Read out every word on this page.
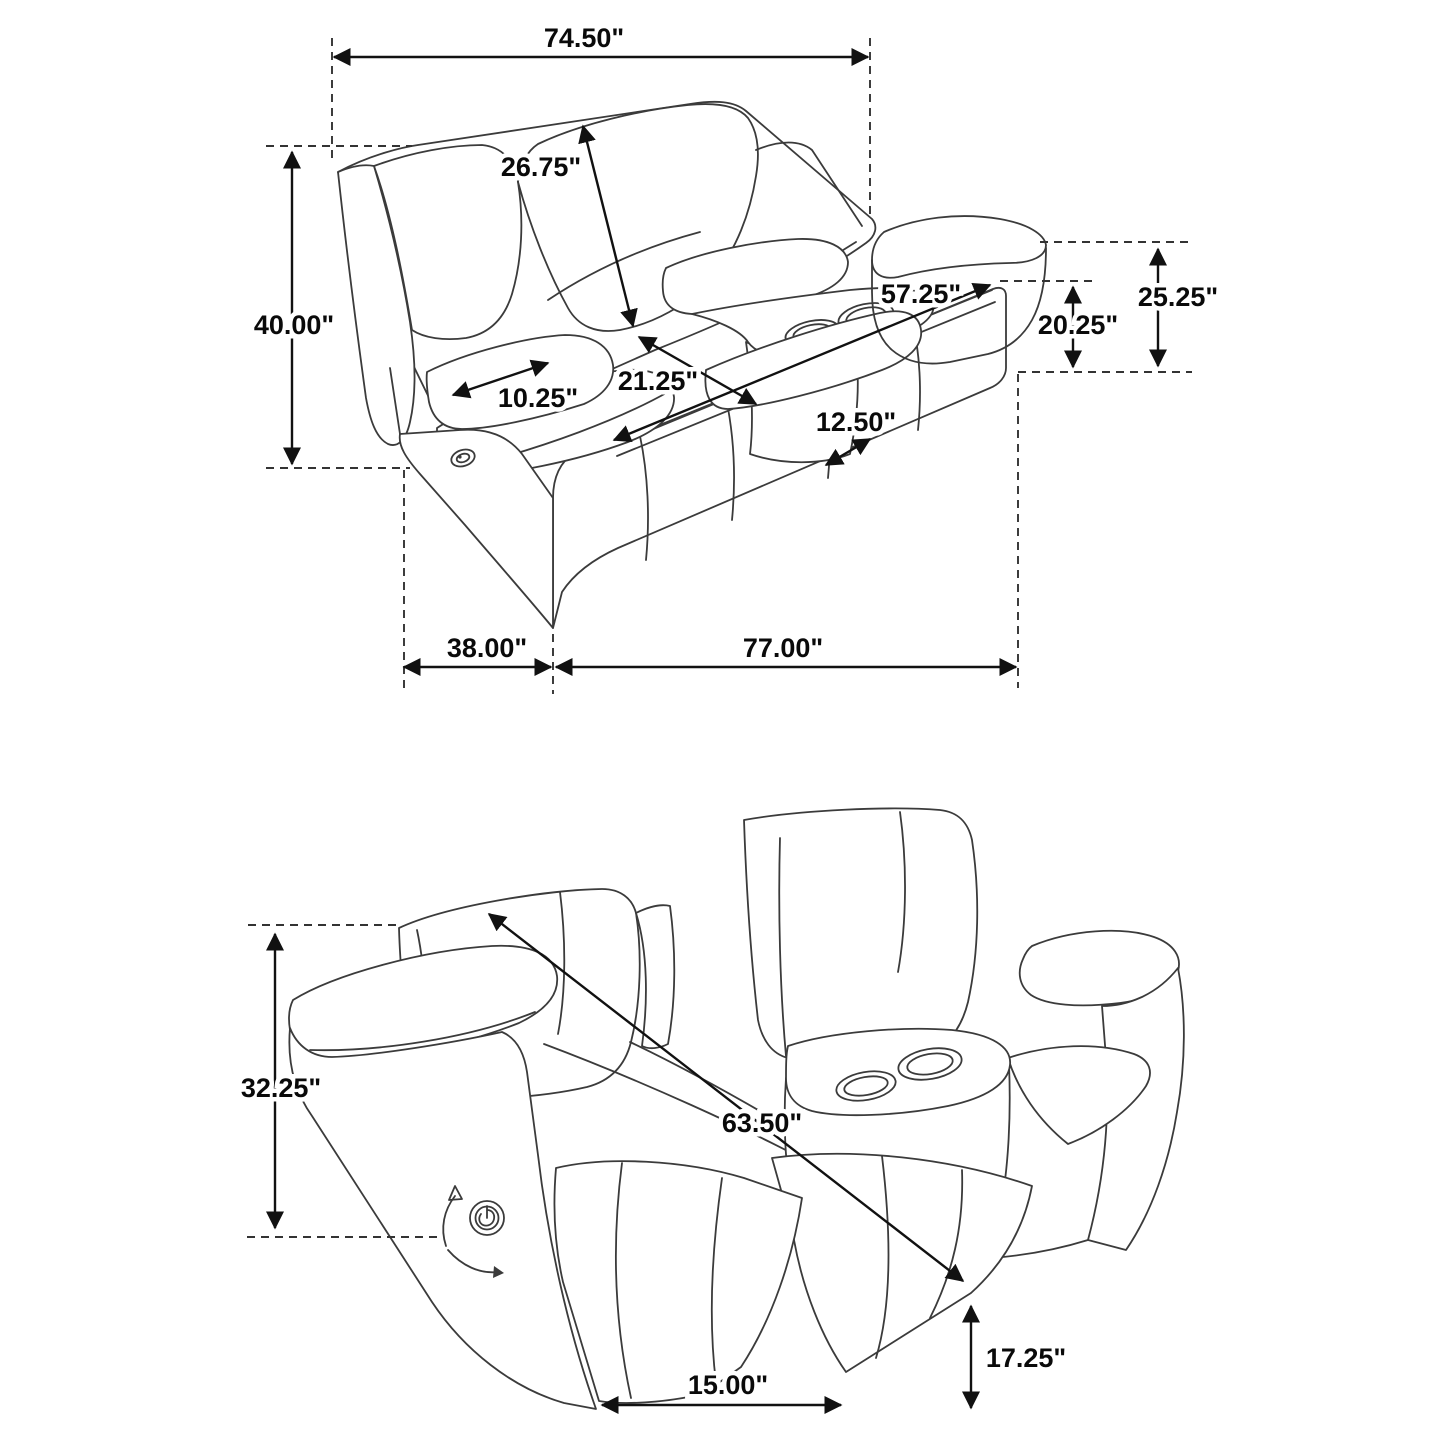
74.50"
40.00"
26.75"
10.25"
21.25"
57.25"
12.50"
25.25"
20.25"
38.00"	77.00"
32.25"
63.50"
17.25"
15.00"
